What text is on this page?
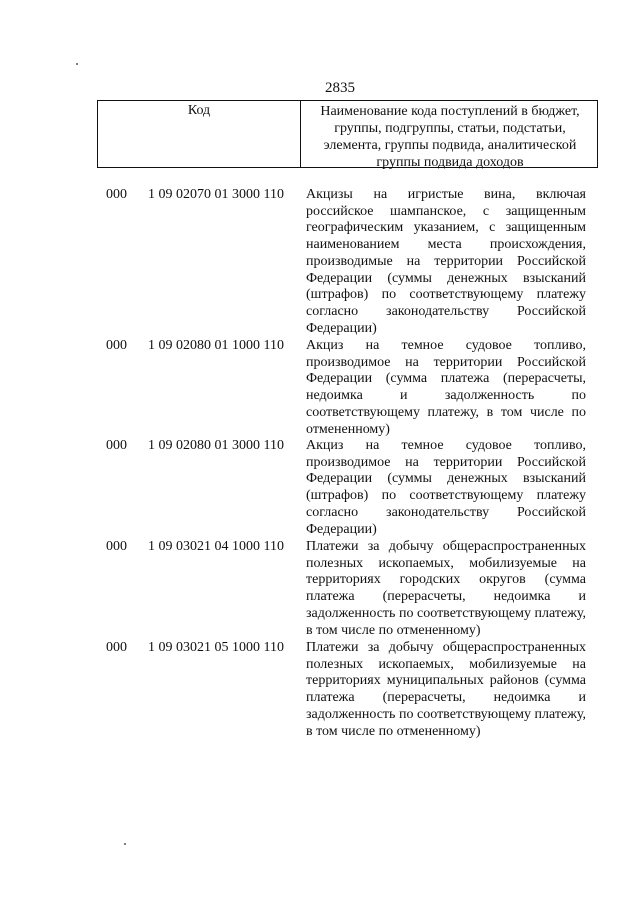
2835
Код	Наименование кода поступлений в бюджет, группы, подгруппы, статьи, подстатьи, элемента, группы подвида, аналитической группы подвида доходов
000 1 09 02070 01 3000 110 Акцизы на игристые вина, включая российское шампанское, с защищенным географическим указанием, с защищенным наименованием места происхождения, производимые на территории Российской Федерации (суммы денежных взысканий (штрафов) по соответствующему платежу согласно законодательству Российской Федерации)
000 1 09 02080 01 1000 110 Акциз на темное судовое топливо, производимое на территории Российской Федерации (сумма платежа (перерасчеты, недоимка и задолженность по соответствующему платежу, в том числе по отмененному)
000 1 09 02080 01 3000 110 Акциз на темное судовое топливо, производимое на территории Российской Федерации (суммы денежных взысканий (штрафов) по соответствующему платежу согласно законодательству Российской Федерации)
000 1 09 03021 04 1000 110 Платежи за добычу общераспространенных полезных ископаемых, мобилизуемые на территориях городских округов (сумма платежа (перерасчеты, недоимка и задолженность по соответствующему платежу, в том числе по отмененному)
000 1 09 03021 05 1000 110 Платежи за добычу общераспространенных полезных ископаемых, мобилизуемые на территориях муниципальных районов (сумма платежа (перерасчеты, недоимка и задолженность по соответствующему платежу, в том числе по отмененному)
